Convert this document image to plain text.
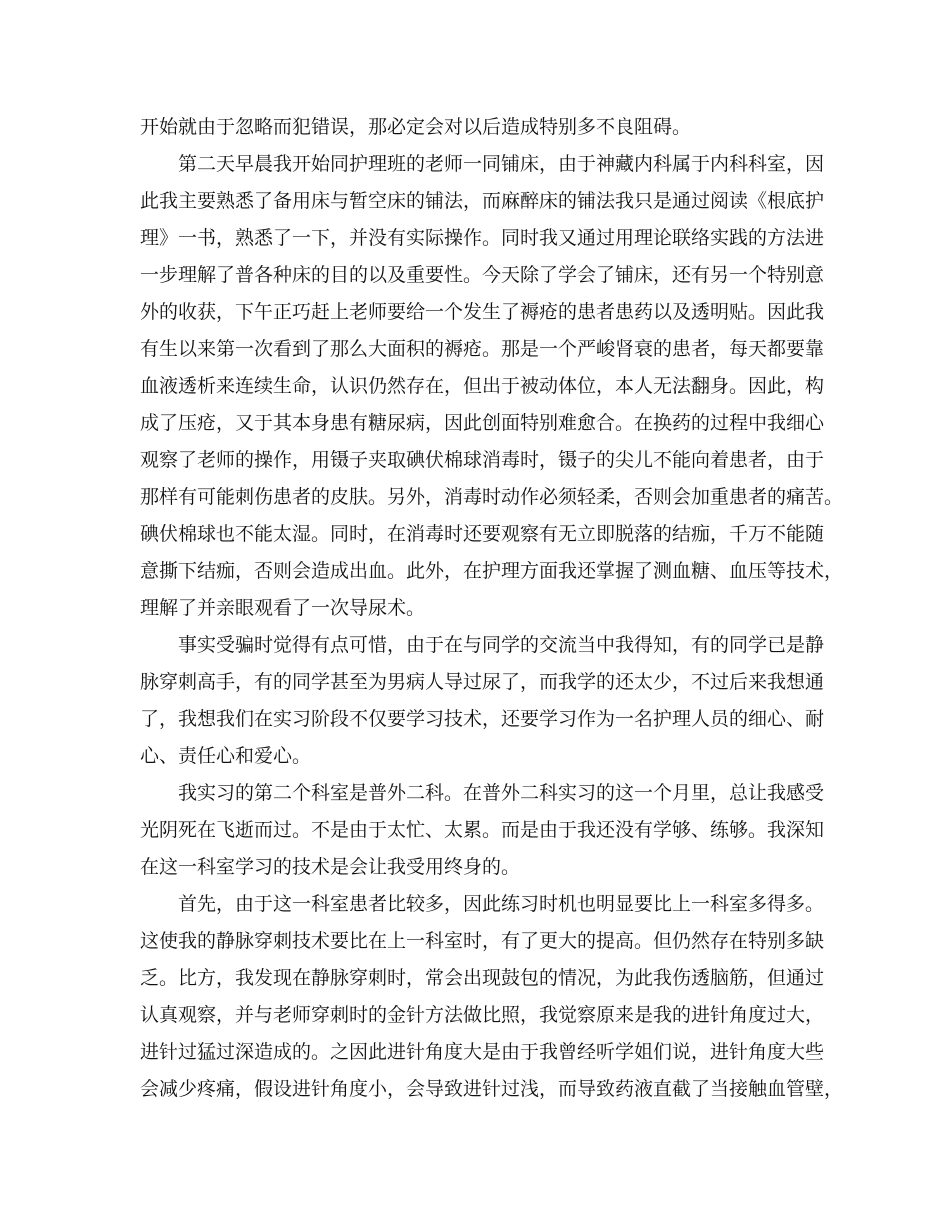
开始就由于忽略而犯错误，那必定会对以后造成特别多不良阻碍。
第二天早晨我开始同护理班的老师一同铺床，由于神藏内科属于内科科室，因
此我主要熟悉了备用床与暂空床的铺法，而麻醉床的铺法我只是通过阅读《根底护
理》一书，熟悉了一下，并没有实际操作。同时我又通过用理论联络实践的方法进
一步理解了普各种床的目的以及重要性。今天除了学会了铺床，还有另一个特别意
外的收获，下午正巧赶上老师要给一个发生了褥疮的患者患药以及透明贴。因此我
有生以来第一次看到了那么大面积的褥疮。那是一个严峻肾衰的患者，每天都要靠
血液透析来连续生命，认识仍然存在，但出于被动体位，本人无法翻身。因此，构
成了压疮，又于其本身患有糖尿病，因此创面特别难愈合。在换药的过程中我细心
观察了老师的操作，用镊子夹取碘伏棉球消毒时，镊子的尖儿不能向着患者，由于
那样有可能刺伤患者的皮肤。另外，消毒时动作必须轻柔，否则会加重患者的痛苦。
碘伏棉球也不能太湿。同时，在消毒时还要观察有无立即脱落的结痂，千万不能随
意撕下结痂，否则会造成出血。此外，在护理方面我还掌握了测血糖、血压等技术，
理解了并亲眼观看了一次导尿术。
事实受骗时觉得有点可惜，由于在与同学的交流当中我得知，有的同学已是静
脉穿刺高手，有的同学甚至为男病人导过尿了，而我学的还太少，不过后来我想通
了，我想我们在实习阶段不仅要学习技术，还要学习作为一名护理人员的细心、耐
心、责任心和爱心。
我实习的第二个科室是普外二科。在普外二科实习的这一个月里，总让我感受
光阴死在飞逝而过。不是由于太忙、太累。而是由于我还没有学够、练够。我深知
在这一科室学习的技术是会让我受用终身的。
首先，由于这一科室患者比较多，因此练习时机也明显要比上一科室多得多。
这使我的静脉穿刺技术要比在上一科室时，有了更大的提高。但仍然存在特别多缺
乏。比方，我发现在静脉穿刺时，常会出现鼓包的情况，为此我伤透脑筋，但通过
认真观察，并与老师穿刺时的金针方法做比照，我觉察原来是我的进针角度过大，
进针过猛过深造成的。之因此进针角度大是由于我曾经听学姐们说，进针角度大些
会减少疼痛，假设进针角度小，会导致进针过浅，而导致药液直截了当接触血管壁，
